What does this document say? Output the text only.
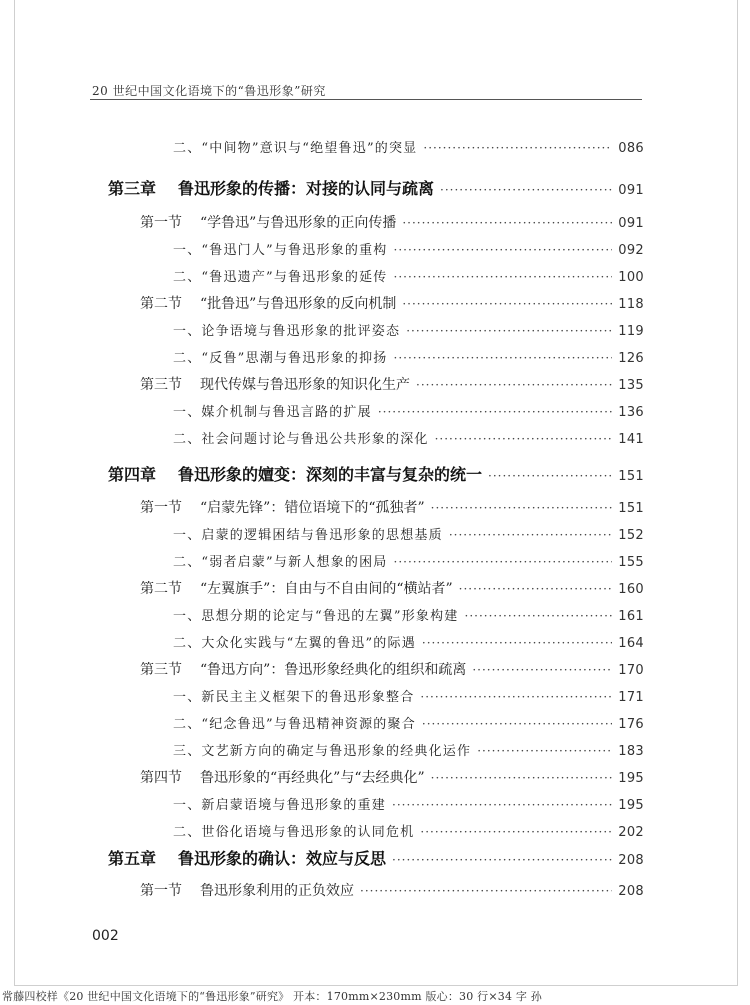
20 世纪中国文化语境下的“鲁迅形象”研究
二、“中间物”意识与“绝望鲁迅”的突显 ·····	086
第三章 鲁迅形象的传播：对接的认同与疏离 ·····	091
第一节 “学鲁迅”与鲁迅形象的正向传播 ·····	091
一、“鲁迅门人”与鲁迅形象的重构 ·····	092
二、“鲁迅遗产”与鲁迅形象的延传 ·····	100
第二节 “批鲁迅”与鲁迅形象的反向机制 ·····	118
一、论争语境与鲁迅形象的批评姿态 ·····	119
二、“反鲁”思潮与鲁迅形象的抑扬 ·····	126
第三节 现代传媒与鲁迅形象的知识化生产 ·····	135
一、媒介机制与鲁迅言路的扩展 ·····	136
二、社会问题讨论与鲁迅公共形象的深化 ·····	141
第四章 鲁迅形象的嬗变：深刻的丰富与复杂的统一 ·····	151
第一节 “启蒙先锋”：错位语境下的“孤独者” ·····	151
一、启蒙的逻辑困结与鲁迅形象的思想基质 ·····	152
二、“弱者启蒙”与新人想象的困局 ·····	155
第二节 “左翼旗手”：自由与不自由间的“横站者” ·····	160
一、思想分期的论定与“鲁迅的左翼”形象构建 ·····	161
二、大众化实践与“左翼的鲁迅”的际遇 ·····	164
第三节 “鲁迅方向”：鲁迅形象经典化的组织和疏离 ·····	170
一、新民主主义框架下的鲁迅形象整合 ·····	171
二、“纪念鲁迅”与鲁迅精神资源的聚合 ·····	176
三、文艺新方向的确定与鲁迅形象的经典化运作 ·····	183
第四节 鲁迅形象的“再经典化”与“去经典化” ·····	195
一、新启蒙语境与鲁迅形象的重建 ·····	195
二、世俗化语境与鲁迅形象的认同危机 ·····	202
第五章 鲁迅形象的确认：效应与反思 ·····	208
第一节 鲁迅形象利用的正负效应 ·····	208
002
常藤四校样《20 世纪中国文化语境下的“鲁迅形象”研究》 开本：170mm×230mm 版心：30 行×34 字 孙
